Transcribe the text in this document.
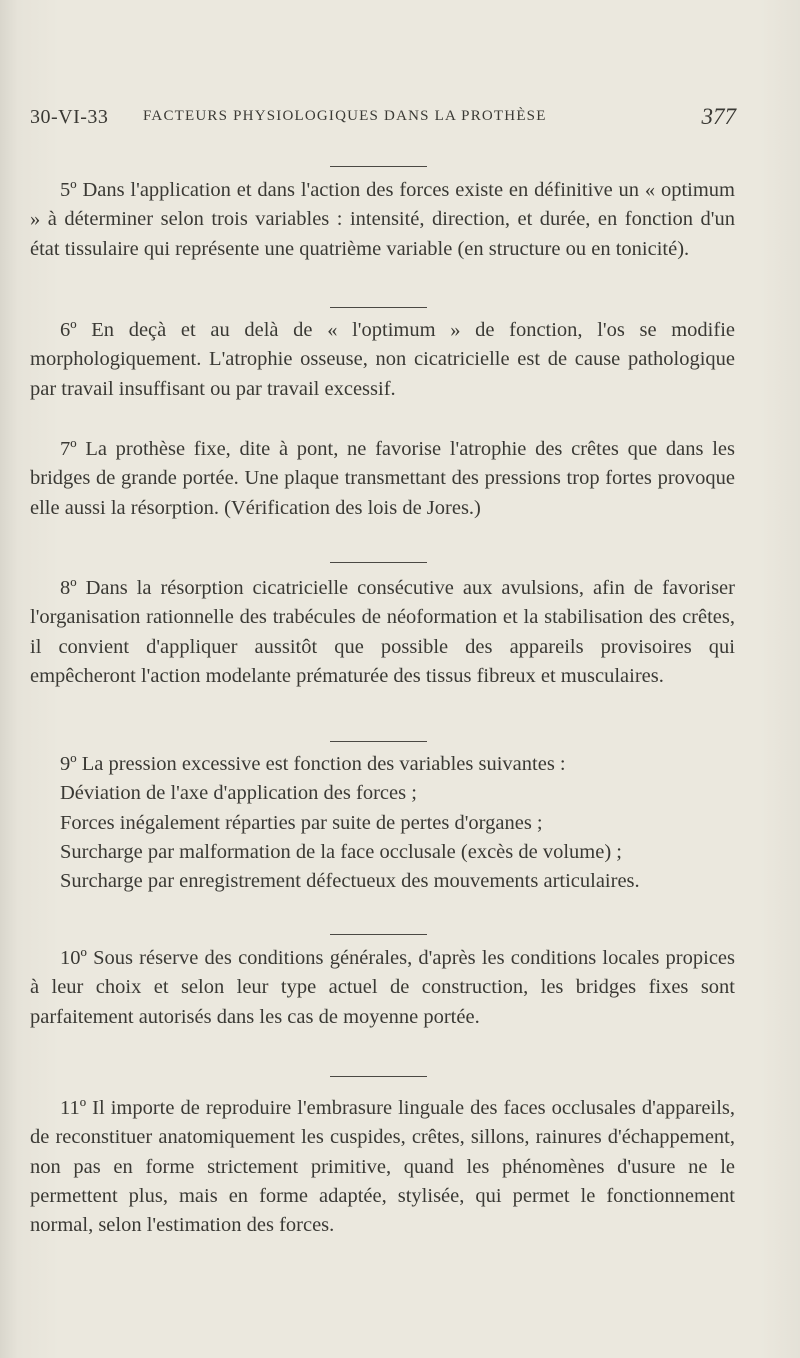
30-VI-33 FACTEURS PHYSIOLOGIQUES DANS LA PROTHÈSE	377

5º Dans l'application et dans l'action des forces existe en définitive un « optimum » à déterminer selon trois variables : intensité, direction, et durée, en fonction d'un état tissulaire qui représente une quatrième variable (en structure ou en tonicité).

6º En deçà et au delà de « l'optimum » de fonction, l'os se modifie morphologiquement. L'atrophie osseuse, non cicatricielle est de cause pathologique par travail insuffisant ou par travail excessif.

7º La prothèse fixe, dite à pont, ne favorise l'atrophie des crêtes que dans les bridges de grande portée. Une plaque transmettant des pressions trop fortes provoque elle aussi la résorption. (Vérification des lois de Jores.)

8º Dans la résorption cicatricielle consécutive aux avulsions, afin de favoriser l'organisation rationnelle des trabécules de néoformation et la stabilisation des crêtes, il convient d'appliquer aussitôt que possible des appareils provisoires qui empêcheront l'action modelante prématurée des tissus fibreux et musculaires.

9º La pression excessive est fonction des variables suivantes :
Déviation de l'axe d'application des forces ;
Forces inégalement réparties par suite de pertes d'organes ;
Surcharge par malformation de la face occlusale (excès de volume) ;
Surcharge par enregistrement défectueux des mouvements articulaires.

10º Sous réserve des conditions générales, d'après les conditions locales propices à leur choix et selon leur type actuel de construction, les bridges fixes sont parfaitement autorisés dans les cas de moyenne portée.

11º Il importe de reproduire l'embrasure linguale des faces occlusales d'appareils, de reconstituer anatomiquement les cuspides, crêtes, sillons, rainures d'échappement, non pas en forme strictement primitive, quand les phénomènes d'usure ne le permettent plus, mais en forme adaptée, stylisée, qui permet le fonctionnement normal, selon l'estimation des forces.
